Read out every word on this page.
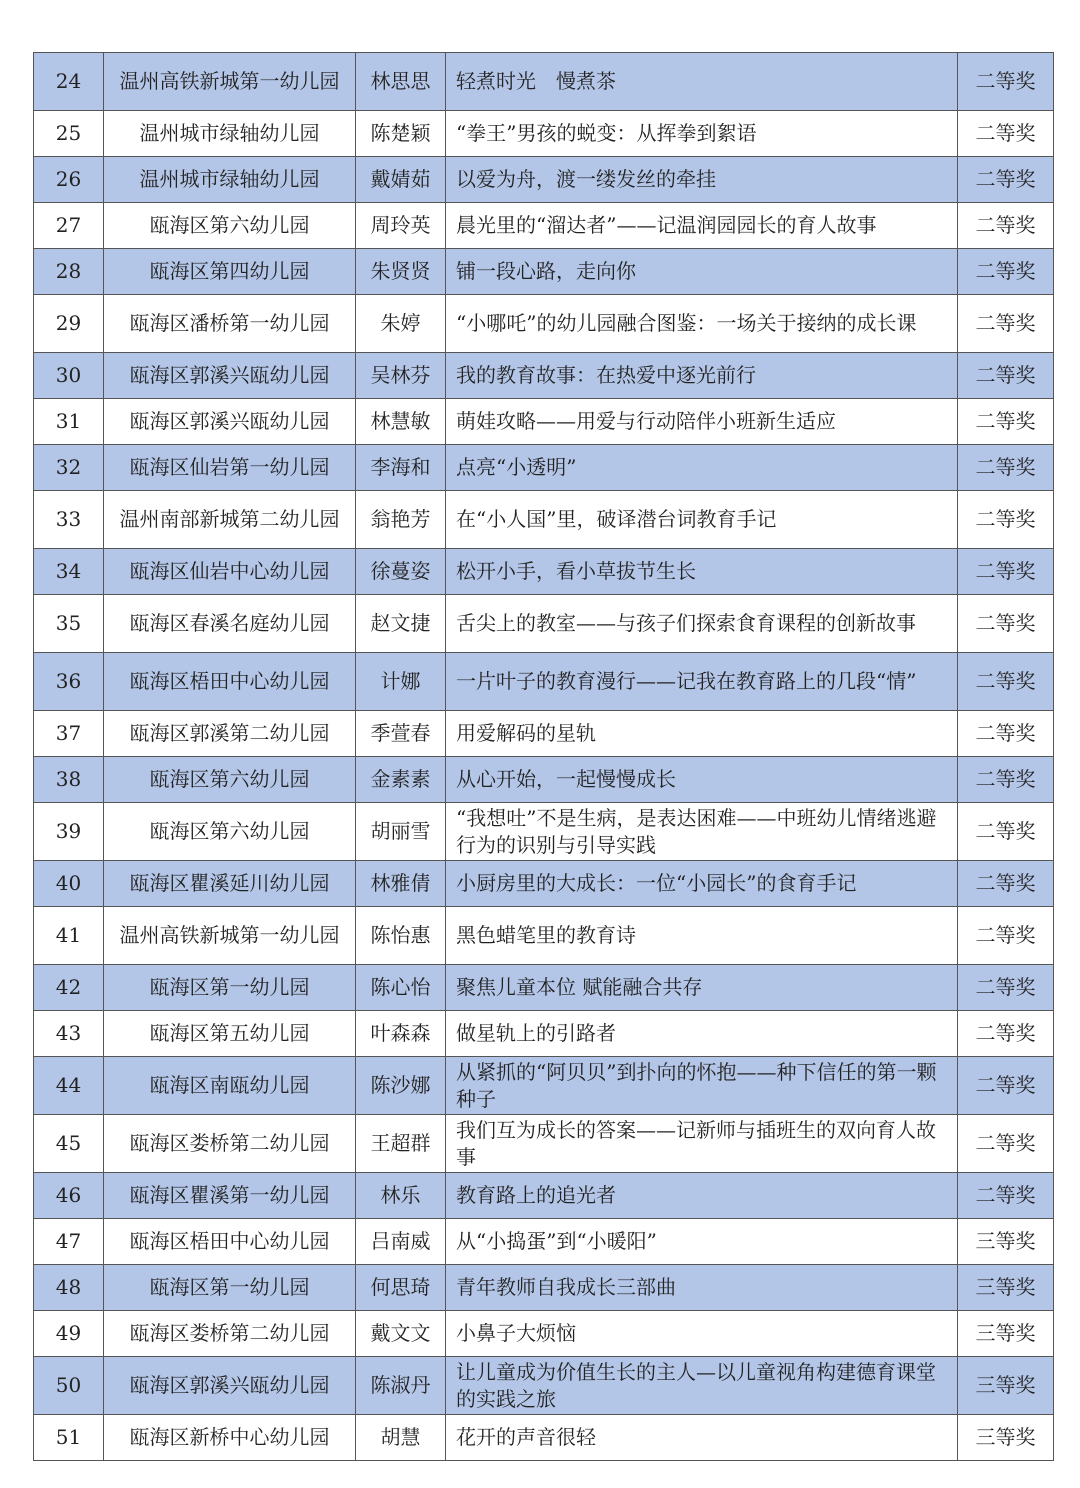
24	温州高铁新城第一幼儿园	林思思	轻煮时光　慢煮茶	二等奖
25	温州城市绿轴幼儿园	陈楚颖	“拳王”男孩的蜕变：从挥拳到絮语	二等奖
26	温州城市绿轴幼儿园	戴婧茹	以爱为舟，渡一缕发丝的牵挂	二等奖
27	瓯海区第六幼儿园	周玲英	晨光里的“溜达者”——记温润园园长的育人故事	二等奖
28	瓯海区第四幼儿园	朱贤贤	铺一段心路，走向你	二等奖
29	瓯海区潘桥第一幼儿园	朱婷	“小哪吒”的幼儿园融合图鉴：一场关于接纳的成长课	二等奖
30	瓯海区郭溪兴瓯幼儿园	吴林芬	我的教育故事：在热爱中逐光前行	二等奖
31	瓯海区郭溪兴瓯幼儿园	林慧敏	萌娃攻略——用爱与行动陪伴小班新生适应	二等奖
32	瓯海区仙岩第一幼儿园	李海和	点亮“小透明”	二等奖
33	温州南部新城第二幼儿园	翁艳芳	在“小人国”里，破译潜台词教育手记	二等奖
34	瓯海区仙岩中心幼儿园	徐蔓姿	松开小手，看小草拔节生长	二等奖
35	瓯海区春溪名庭幼儿园	赵文捷	舌尖上的教室——与孩子们探索食育课程的创新故事	二等奖
36	瓯海区梧田中心幼儿园	计娜	一片叶子的教育漫行——记我在教育路上的几段“情”	二等奖
37	瓯海区郭溪第二幼儿园	季萱春	用爱解码的星轨	二等奖
38	瓯海区第六幼儿园	金素素	从心开始，一起慢慢成长	二等奖
39	瓯海区第六幼儿园	胡丽雪	“我想吐”不是生病，是表达困难——中班幼儿情绪逃避行为的识别与引导实践	二等奖
40	瓯海区瞿溪延川幼儿园	林雅倩	小厨房里的大成长：一位“小园长”的食育手记	二等奖
41	温州高铁新城第一幼儿园	陈怡惠	黑色蜡笔里的教育诗	二等奖
42	瓯海区第一幼儿园	陈心怡	聚焦儿童本位 赋能融合共存	二等奖
43	瓯海区第五幼儿园	叶森森	做星轨上的引路者	二等奖
44	瓯海区南瓯幼儿园	陈沙娜	从紧抓的“阿贝贝”到扑向的怀抱——种下信任的第一颗种子	二等奖
45	瓯海区娄桥第二幼儿园	王超群	我们互为成长的答案——记新师与插班生的双向育人故事	二等奖
46	瓯海区瞿溪第一幼儿园	林乐	教育路上的追光者	二等奖
47	瓯海区梧田中心幼儿园	吕南威	从“小捣蛋”到“小暖阳”	三等奖
48	瓯海区第一幼儿园	何思琦	青年教师自我成长三部曲	三等奖
49	瓯海区娄桥第二幼儿园	戴文文	小鼻子大烦恼	三等奖
50	瓯海区郭溪兴瓯幼儿园	陈淑丹	让儿童成为价值生长的主人—以儿童视角构建德育课堂的实践之旅	三等奖
51	瓯海区新桥中心幼儿园	胡慧	花开的声音很轻	三等奖
